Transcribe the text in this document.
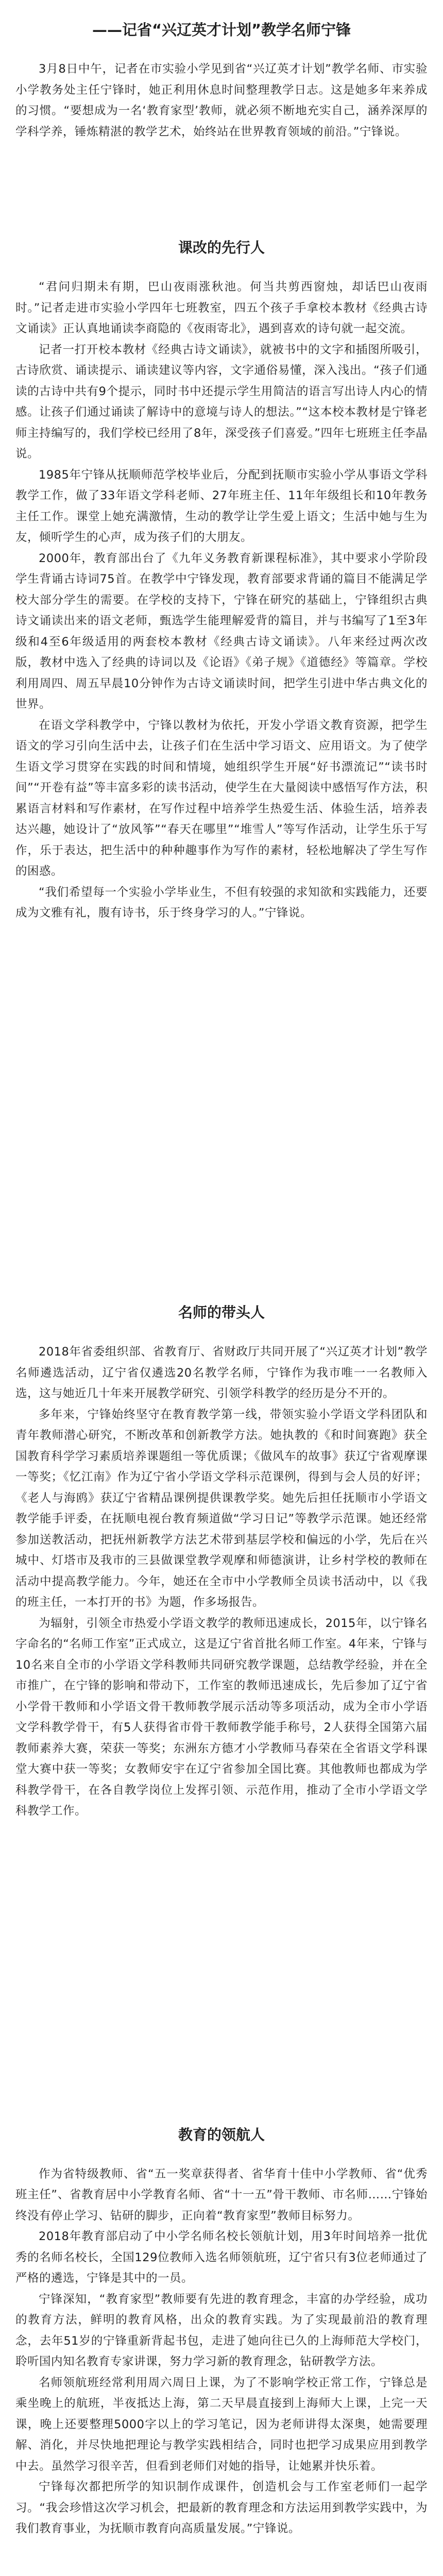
——记省“兴辽英才计划”教学名师宁锋

3月8日中午，记者在市实验小学见到省“兴辽英才计划”教学名师、市实验小学教务处主任宁锋时，她正利用休息时间整理教学日志。这是她多年来养成的习惯。“要想成为一名‘教育家型’教师，就必须不断地充实自己，涵养深厚的学科学养，锤炼精湛的教学艺术，始终站在世界教育领域的前沿。”宁锋说。

课改的先行人

“君问归期未有期，巴山夜雨涨秋池。何当共剪西窗烛，却话巴山夜雨时。”记者走进市实验小学四年七班教室，四五个孩子手拿校本教材《经典古诗文诵读》正认真地诵读李商隐的《夜雨寄北》，遇到喜欢的诗句就一起交流。

记者一打开校本教材《经典古诗文诵读》，就被书中的文字和插图所吸引，古诗欣赏、诵读提示、诵读建议等内容，文字通俗易懂，深入浅出。“孩子们通读的古诗中共有9个提示，同时书中还提示学生用简洁的语言写出诗人内心的情感。让孩子们通过诵读了解诗中的意境与诗人的想法。”“这本校本教材是宁锋老师主持编写的，我们学校已经用了8年，深受孩子们喜爱。”四年七班班主任李晶说。

1985年宁锋从抚顺师范学校毕业后，分配到抚顺市实验小学从事语文学科教学工作，做了33年语文学科老师、27年班主任、11年年级组长和10年教务主任工作。课堂上她充满激情，生动的教学让学生爱上语文；生活中她与生为友，倾听学生的心声，成为孩子们的大朋友。

2000年，教育部出台了《九年义务教育新课程标准》，其中要求小学阶段学生背诵古诗词75首。在教学中宁锋发现，教育部要求背诵的篇目不能满足学校大部分学生的需要。在学校的支持下，宁锋在研究的基础上，宁锋组织古典诗文诵读出来的语文老师，甄选学生能理解爱背的篇目，并与书编写了1至3年级和4至6年级适用的两套校本教材《经典古诗文诵读》。八年来经过两次改版，教材中选入了经典的诗词以及《论语》《弟子规》《道德经》等篇章。学校利用周四、周五早晨10分钟作为古诗文诵读时间，把学生引进中华古典文化的世界。

在语文学科教学中，宁锋以教材为依托，开发小学语文教育资源，把学生语文的学习引向生活中去，让孩子们在生活中学习语文、应用语文。为了使学生语文学习贯穿在实践的时间和情境，她组织学生开展“好书漂流记”“读书时间”“开卷有益”等丰富多彩的读书活动，使学生在大量阅读中感悟写作方法，积累语言材料和写作素材，在写作过程中培养学生热爱生活、体验生活，培养表达兴趣，她设计了“放风筝”“春天在哪里”“堆雪人”等写作活动，让学生乐于写作，乐于表达，把生活中的种种趣事作为写作的素材，轻松地解决了学生写作的困惑。

“我们希望每一个实验小学毕业生，不但有较强的求知欲和实践能力，还要成为文雅有礼，腹有诗书，乐于终身学习的人。”宁锋说。

名师的带头人

2018年省委组织部、省教育厅、省财政厅共同开展了“兴辽英才计划”教学名师遴选活动，辽宁省仅遴选20名教学名师，宁锋作为我市唯一一名教师入选，这与她近几十年来开展教学研究、引领学科教学的经历是分不开的。

多年来，宁锋始终坚守在教育教学第一线，带领实验小学语文学科团队和青年教师潜心研究，不断改革和创新教学方法。她执教的《和时间赛跑》获全国教育科学学习素质培养课题组一等优质课；《做风车的故事》获辽宁省观摩课一等奖；《忆江南》作为辽宁省小学语文学科示范课例，得到与会人员的好评；《老人与海鸥》获辽宁省精品课例提供课教学奖。她先后担任抚顺市小学语文教学能手评委，在抚顺电视台教育频道做“学习日记”等教学示范课。她还经常参加送教活动，把抚州新教学方法艺术带到基层学校和偏远的小学，先后在兴城中、灯塔市及我市的三县做课堂教学观摩和师德演讲，让乡村学校的教师在活动中提高教学能力。今年，她还在全市中小学教师全员读书活动中，以《我的班主任，一本打开的书》为题，作多场报告。

为辐射，引领全市热爱小学语文教学的教师迅速成长，2015年，以宁锋名字命名的“名师工作室”正式成立，这是辽宁省首批名师工作室。4年来，宁锋与10名来自全市的小学语文学科教师共同研究教学课题，总结教学经验，并在全市推广，在宁锋的影响和带动下，工作室的教师迅速成长，先后参加了辽宁省小学骨干教师和小学语文骨干教师教学展示活动等多项活动，成为全市小学语文学科教学骨干，有5人获得省市骨干教师教学能手称号，2人获得全国第六届教师素养大赛，荣获一等奖；东洲东方德才小学教师马春荣在全省语文学科课堂大赛中获一等奖；女教师安宇在辽宁省参加全国比赛。其他教师也都成为学科教学骨干，在各自教学岗位上发挥引领、示范作用，推动了全市小学语文学科教学工作。

教育的领航人

作为省特级教师、省“五一奖章获得者、省华育十佳中小学教师、省“优秀班主任”、省教育居中小学教育名师、省“十一五”骨干教师、市名师……宁锋始终没有停止学习、钻研的脚步，正向着“教育家型”教师目标努力。

2018年教育部启动了中小学名师名校长领航计划，用3年时间培养一批优秀的名师名校长，全国129位教师入选名师领航班，辽宁省只有3位老师通过了严格的遴选，宁锋是其中的一员。

宁锋深知，“教育家型”教师要有先进的教育理念，丰富的办学经验，成功的教育方法，鲜明的教育风格，出众的教育实践。为了实现最前沿的教育理念，去年51岁的宁锋重新背起书包，走进了她向往已久的上海师范大学校门，聆听国内知名教育专家讲课，努力学习新的教育理念，钻研教学方法。

名师领航班经常利用周六周日上课，为了不影响学校正常工作，宁锋总是乘坐晚上的航班，半夜抵达上海，第二天早晨直接到上海师大上课，上完一天课，晚上还要整理5000字以上的学习笔记，因为老师讲得太深奥，她需要理解、消化，并尽快地把理论与教学实践相结合，同时也把学习成果应用到教学中去。虽然学习很辛苦，但看到老师们对她的指导，让她累并快乐着。

宁锋每次都把所学的知识制作成课件，创造机会与工作室老师们一起学习。“我会珍惜这次学习机会，把最新的教育理念和方法运用到教学实践中，为我们教育事业，为抚顺市教育向高质量发展。”宁锋说。
